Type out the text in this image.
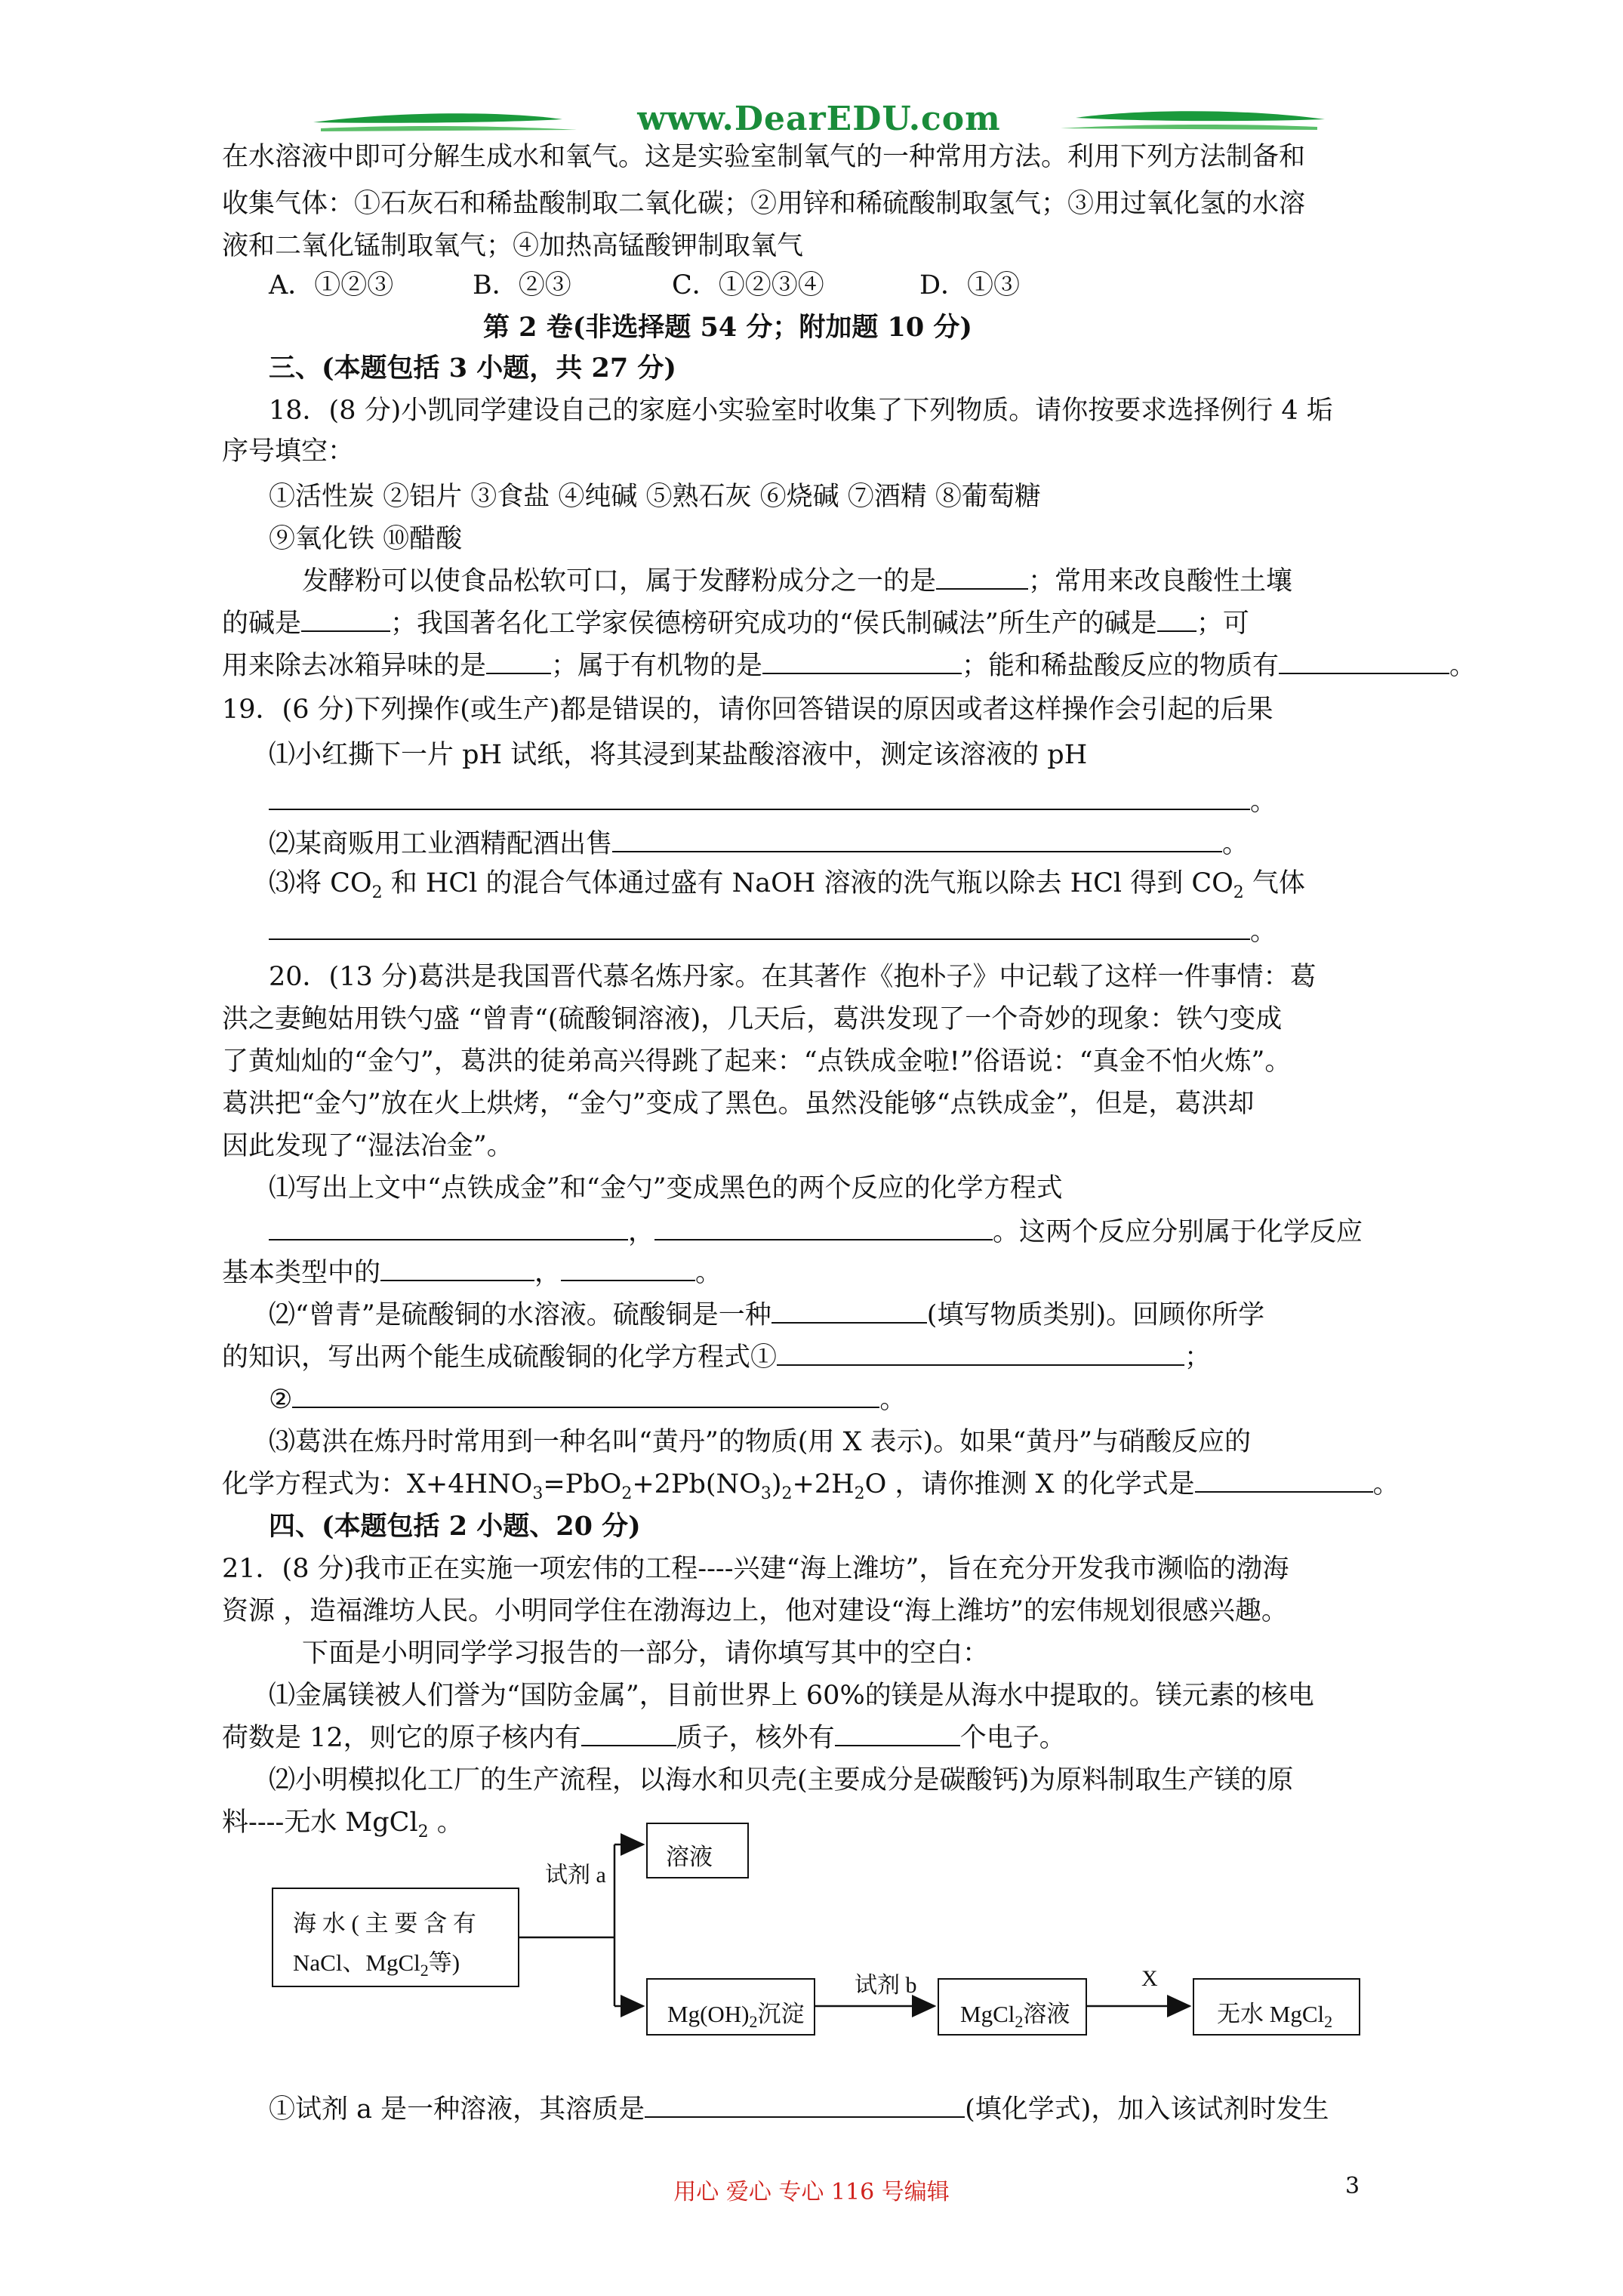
www.DearEDU.com
在水溶液中即可分解生成水和氧气。这是实验室制氧气的一种常用方法。利用下列方法制备和
收集气体：①石灰石和稀盐酸制取二氧化碳；②用锌和稀硫酸制取氢气；③用过氧化氢的水溶
液和二氧化锰制取氧气；④加热高锰酸钾制取氧气
A．①②③	B．②③	C．①②③④	D．①③
第 2 卷(非选择题 54 分；附加题 10 分)
三、(本题包括 3 小题，共 27 分)
18．(8 分)小凯同学建设自己的家庭小实验室时收集了下列物质。请你按要求选择例行 4 垢
序号填空：
①活性炭 ②铝片 ③食盐 ④纯碱 ⑤熟石灰 ⑥烧碱 ⑦酒精 ⑧葡萄糖
⑨氧化铁 ⑩醋酸
发酵粉可以使食品松软可口，属于发酵粉成分之一的是	；常用来改良酸性土壤
的碱是	；我国著名化工学家侯德榜研究成功的“侯氏制碱法”所生产的碱是 ；可
用来除去冰箱异味的是 ；属于有机物的是	；能和稀盐酸反应的物质有	。
19．(6 分)下列操作(或生产)都是错误的，请你回答错误的原因或者这样操作会引起的后果
⑴小红撕下一片 pH 试纸，将其浸到某盐酸溶液中，测定该溶液的 pH
。
⑵某商贩用工业酒精配酒出售	。
⑶将 $CO_2$ 和 HCl 的混合气体通过盛有 NaOH 溶液的洗气瓶以除去 HCl 得到 $CO_2$ 气体
。
20．(13 分)葛洪是我国晋代慕名炼丹家。在其著作《抱朴子》中记载了这样一件事情：葛
洪之妻鲍姑用铁勺盛 “曾青“(硫酸铜溶液)，几天后，葛洪发现了一个奇妙的现象：铁勺变成
了黄灿灿的“金勺”，葛洪的徒弟高兴得跳了起来：“点铁成金啦!”俗语说：“真金不怕火炼”。
葛洪把“金勺”放在火上烘烤，“金勺”变成了黑色。虽然没能够“点铁成金”，但是，葛洪却
因此发现了“湿法冶金”。
⑴写出上文中“点铁成金”和“金勺”变成黑色的两个反应的化学方程式
，	。这两个反应分别属于化学反应
基本类型中的	，	。
⑵“曾青”是硫酸铜的水溶液。硫酸铜是一种	(填写物质类别)。回顾你所学
的知识，写出两个能生成硫酸铜的化学方程式①	；
②	。
⑶葛洪在炼丹时常用到一种名叫“黄丹”的物质(用 X 表示)。如果“黄丹”与硝酸反应的
化学方程式为：$X+4HNO_3=PbO_2+2Pb(NO_3)_2+2H_2O$ ，请你推测 X 的化学式是	。
四、(本题包括 2 小题、20 分)
21．(8 分)我市正在实施一项宏伟的工程----兴建“海上潍坊”，旨在充分开发我市濒临的渤海
资源 ，造福潍坊人民。小明同学住在渤海边上，他对建设“海上潍坊”的宏伟规划很感兴趣。
下面是小明同学学习报告的一部分，请你填写其中的空白：
⑴金属镁被人们誉为“国防金属”，目前世界上 60%的镁是从海水中提取的。镁元素的核电
荷数是 12，则它的原子核内有	质子，核外有	个电子。
⑵小明模拟化工厂的生产流程，以海水和贝壳(主要成分是碳酸钙)为原料制取生产镁的原
料----无水 MgCl$_2$ 。
海 水 ( 主 要 含 有
NaCl、MgCl$_2$等)
试剂 a
溶液
$Mg(OH)_2$沉淀
试剂 b
MgCl$_2$溶液
X
无水 MgCl$_2$
①试剂 a 是一种溶液，其溶质是	(填化学式)，加入该试剂时发生
用心 爱心 专心 116 号编辑	3
